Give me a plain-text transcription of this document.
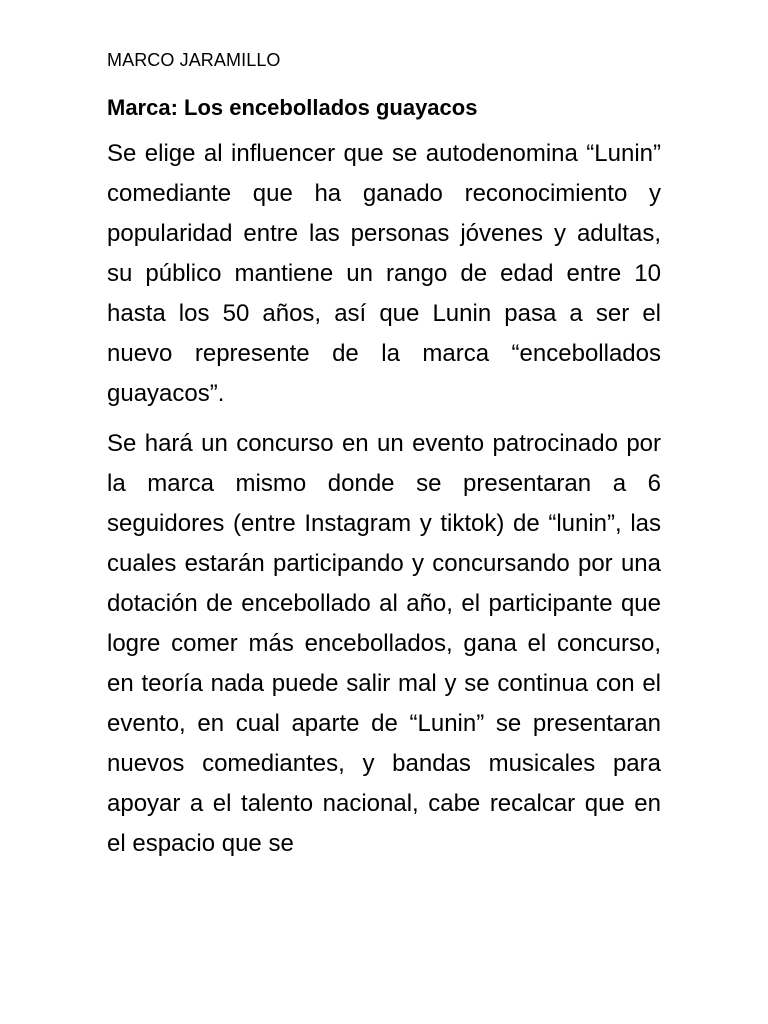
MARCO JARAMILLO

Marca: Los encebollados guayacos

Se elige al influencer que se autodenomina “Lunin” comediante que ha ganado reconocimiento y popularidad entre las personas jóvenes y adultas, su público mantiene un rango de edad entre 10 hasta los 50 años, así que Lunin pasa a ser el nuevo represente de la marca “encebollados guayacos”.

Se hará un concurso en un evento patrocinado por la marca mismo donde se presentaran a 6 seguidores (entre Instagram y tiktok) de “lunin”, las cuales estarán participando y concursando por una dotación de encebollado al año, el participante que logre comer más encebollados, gana el concurso, en teoría nada puede salir mal y se continua con el evento, en cual aparte de “Lunin” se presentaran nuevos comediantes, y bandas musicales para apoyar a el talento nacional, cabe recalcar que en el espacio que se
